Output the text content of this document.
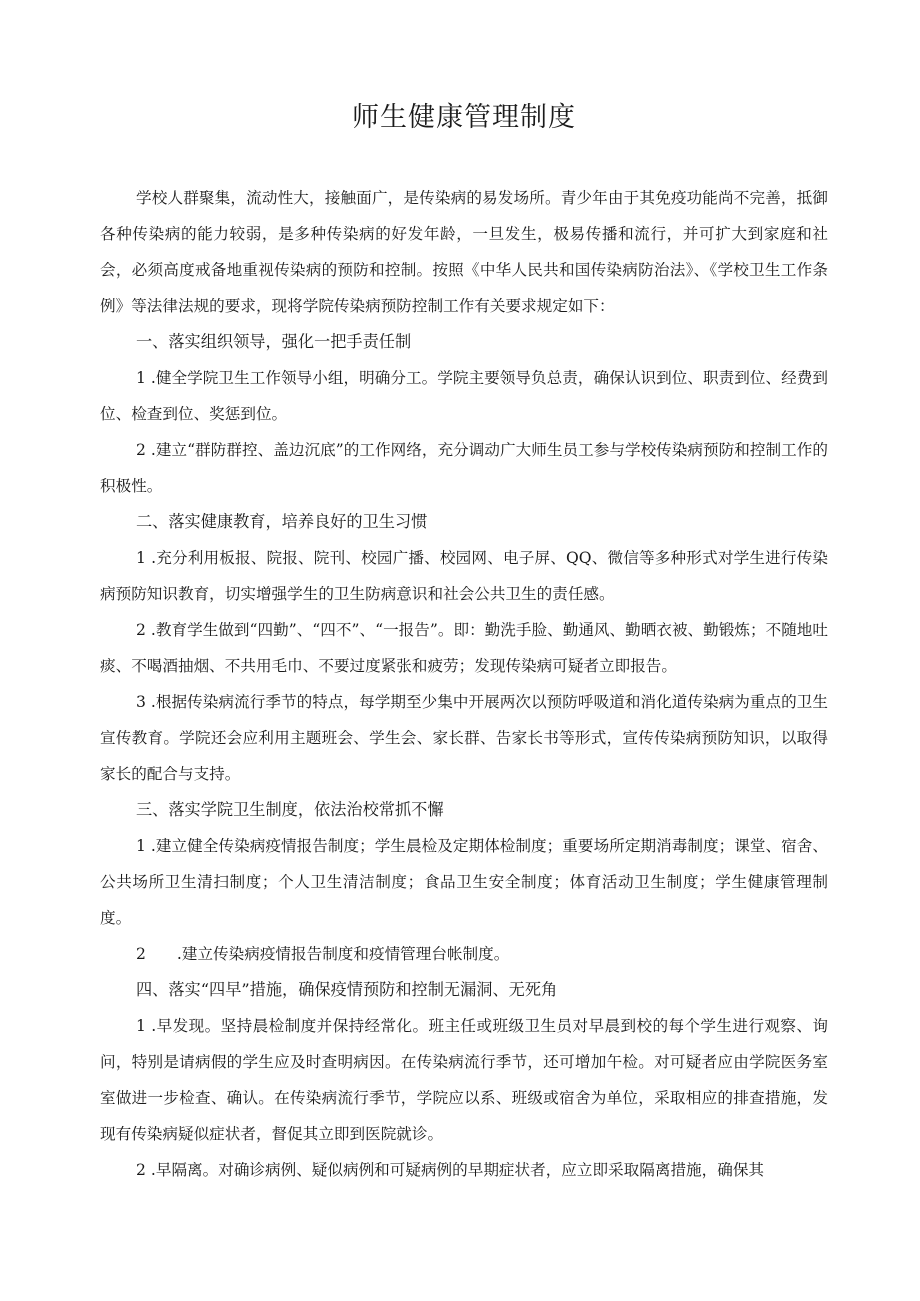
师生健康管理制度

学校人群聚集，流动性大，接触面广，是传染病的易发场所。青少年由于其免疫功能尚不完善，抵御各种传染病的能力较弱，是多种传染病的好发年龄，一旦发生，极易传播和流行，并可扩大到家庭和社会，必须高度戒备地重视传染病的预防和控制。按照《中华人民共和国传染病防治法》、《学校卫生工作条例》等法律法规的要求，现将学院传染病预防控制工作有关要求规定如下：

一、落实组织领导，强化一把手责任制

1 .健全学院卫生工作领导小组，明确分工。学院主要领导负总责，确保认识到位、职责到位、经费到位、检查到位、奖惩到位。

2 .建立“群防群控、盖边沉底”的工作网络，充分调动广大师生员工参与学校传染病预防和控制工作的积极性。

二、落实健康教育，培养良好的卫生习惯

1 .充分利用板报、院报、院刊、校园广播、校园网、电子屏、QQ、微信等多种形式对学生进行传染病预防知识教育，切实增强学生的卫生防病意识和社会公共卫生的责任感。

2 .教育学生做到“四勤”、“四不”、“一报告”。即：勤洗手脸、勤通风、勤晒衣被、勤锻炼；不随地吐痰、不喝酒抽烟、不共用毛巾、不要过度紧张和疲劳；发现传染病可疑者立即报告。

3 .根据传染病流行季节的特点，每学期至少集中开展两次以预防呼吸道和消化道传染病为重点的卫生宣传教育。学院还会应利用主题班会、学生会、家长群、告家长书等形式，宣传传染病预防知识，以取得家长的配合与支持。

三、落实学院卫生制度，依法治校常抓不懈

1 .建立健全传染病疫情报告制度；学生晨检及定期体检制度；重要场所定期消毒制度；课堂、宿舍、公共场所卫生清扫制度；个人卫生清洁制度；食品卫生安全制度；体育活动卫生制度；学生健康管理制度。

2 .建立传染病疫情报告制度和疫情管理台帐制度。

四、落实“四早”措施，确保疫情预防和控制无漏洞、无死角

1 .早发现。坚持晨检制度并保持经常化。班主任或班级卫生员对早晨到校的每个学生进行观察、询问，特别是请病假的学生应及时查明病因。在传染病流行季节，还可增加午检。对可疑者应由学院医务室室做进一步检查、确认。在传染病流行季节，学院应以系、班级或宿舍为单位，采取相应的排查措施，发现有传染病疑似症状者，督促其立即到医院就诊。

2 .早隔离。对确诊病例、疑似病例和可疑病例的早期症状者，应立即采取隔离措施，确保其
